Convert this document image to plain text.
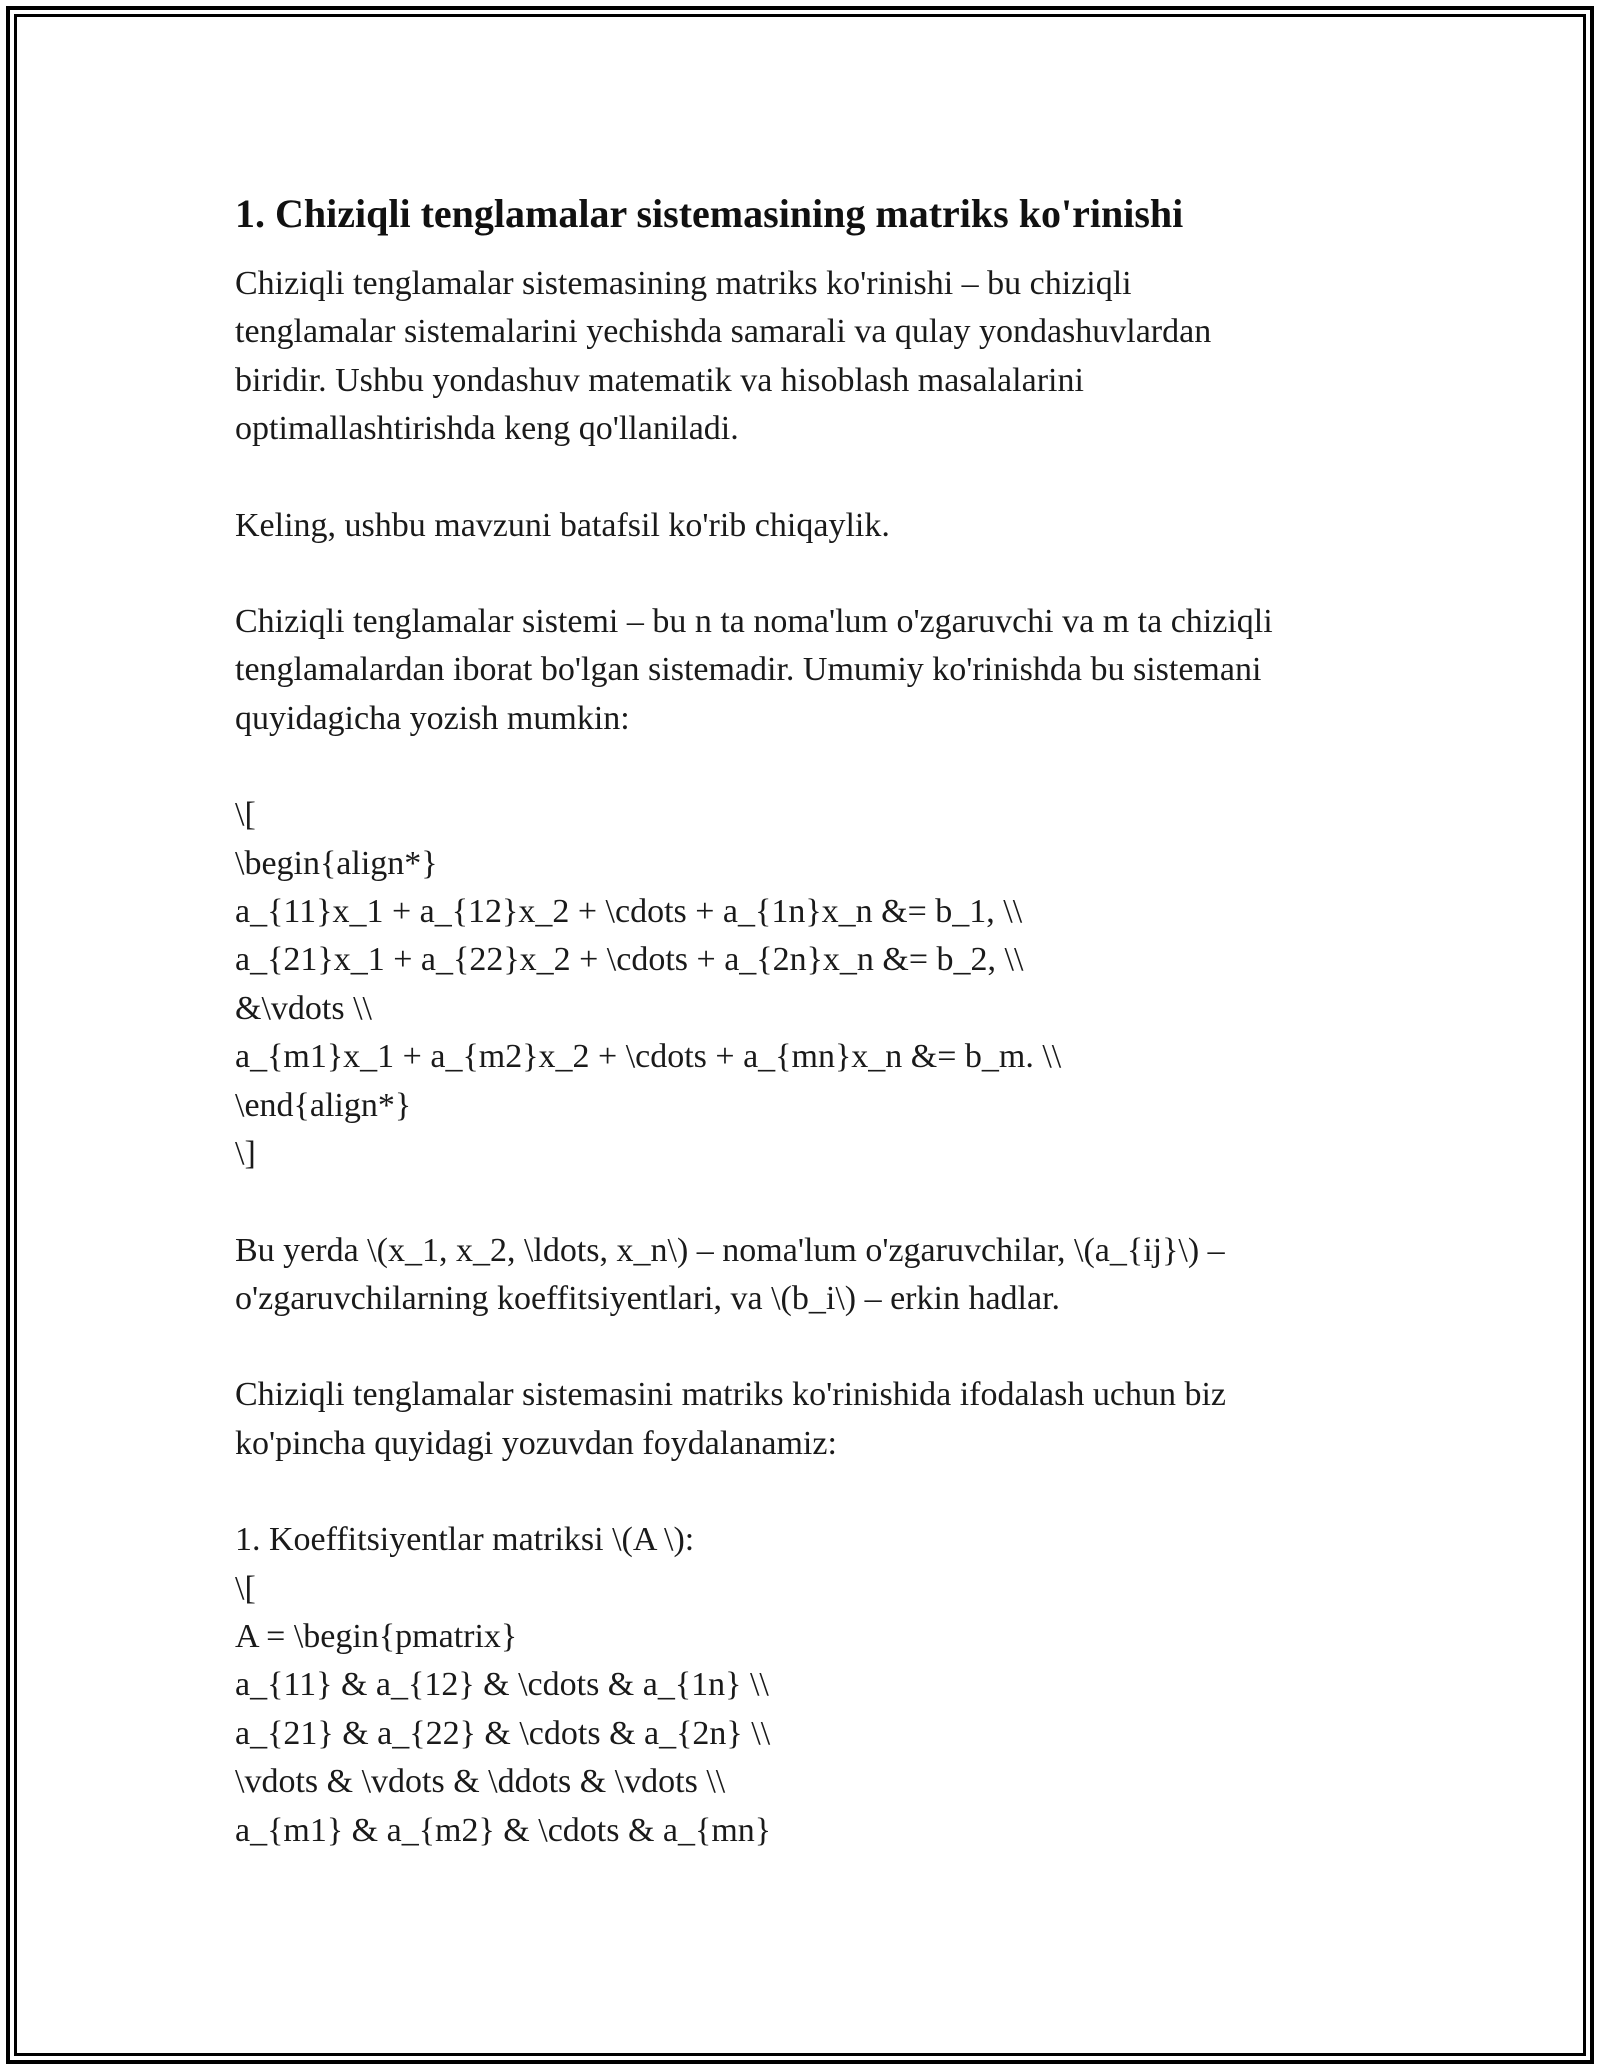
1. Chiziqli tenglamalar sistemasining matriks ko'rinishi

Chiziqli tenglamalar sistemasining matriks ko'rinishi – bu chiziqli
tenglamalar sistemalarini yechishda samarali va qulay yondashuvlardan
biridir. Ushbu yondashuv matematik va hisoblash masalalarini
optimallashtirishda keng qo'llaniladi.

Keling, ushbu mavzuni batafsil ko'rib chiqaylik.

Chiziqli tenglamalar sistemi – bu n ta noma'lum o'zgaruvchi va m ta chiziqli
tenglamalardan iborat bo'lgan sistemadir. Umumiy ko'rinishda bu sistemani
quyidagicha yozish mumkin:

\[
\begin{align*}
a_{11}x_1 + a_{12}x_2 + \cdots + a_{1n}x_n &= b_1, \\
a_{21}x_1 + a_{22}x_2 + \cdots + a_{2n}x_n &= b_2, \\
&\vdots \\
a_{m1}x_1 + a_{m2}x_2 + \cdots + a_{mn}x_n &= b_m. \\
\end{align*}
\]

Bu yerda \(x_1, x_2, \ldots, x_n\) – noma'lum o'zgaruvchilar, \(a_{ij}\) –
o'zgaruvchilarning koeffitsiyentlari, va \(b_i\) – erkin hadlar.

Chiziqli tenglamalar sistemasini matriks ko'rinishida ifodalash uchun biz
ko'pincha quyidagi yozuvdan foydalanamiz:

1. Koeffitsiyentlar matriksi \(A \):
\[
A = \begin{pmatrix}
a_{11} & a_{12} & \cdots & a_{1n} \\
a_{21} & a_{22} & \cdots & a_{2n} \\
\vdots & \vdots & \ddots & \vdots \\
a_{m1} & a_{m2} & \cdots & a_{mn}
